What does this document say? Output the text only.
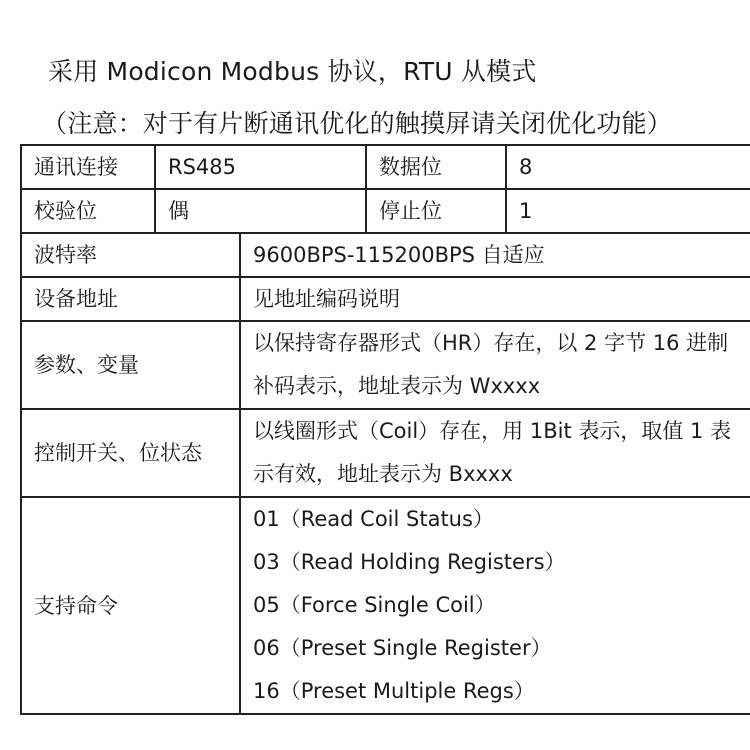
采用 Modicon Modbus 协议，RTU 从模式
（注意：对于有片断通讯优化的触摸屏请关闭优化功能）
通讯连接	RS485		数据位	8
校验位	偶		停止位	1
波特率		9600BPS-115200BPS 自适应		
设备地址		见地址编码说明		
参数、变量		以保持寄存器形式（HR）存在，以 2 字节 16 进制
补码表示，地址表示为 Wxxxx		

控制开关、位状态		以线圈形式（Coil）存在，用 1Bit 表示，取值 1 表
示有效，地址表示为 Bxxxx		

支持命令		01（Read Coil Status）
03（Read Holding Registers）
05（Force Single Coil）
06（Preset Single Register）
16（Preset Multiple Regs）		
